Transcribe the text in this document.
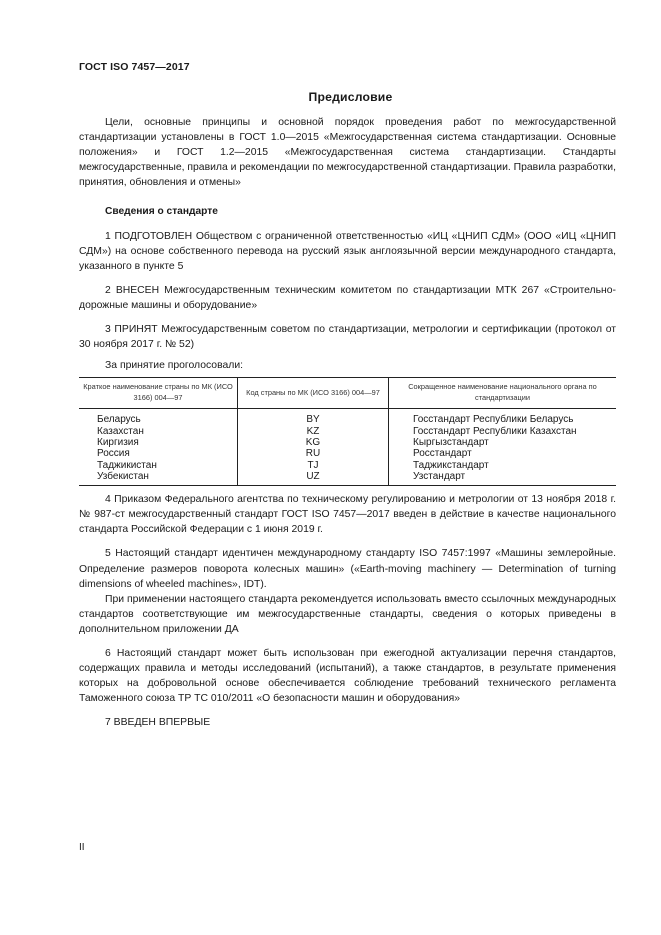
ГОСТ ISO 7457—2017
Предисловие

Цели, основные принципы и основной порядок проведения работ по межгосударственной стандартизации установлены в ГОСТ 1.0—2015 «Межгосударственная система стандартизации. Основные положения» и ГОСТ 1.2—2015 «Межгосударственная система стандартизации. Стандарты межгосударственные, правила и рекомендации по межгосударственной стандартизации. Правила разработки, принятия, обновления и отмены»

Сведения о стандарте

1 ПОДГОТОВЛЕН Обществом с ограниченной ответственностью «ИЦ «ЦНИП СДМ» (ООО «ИЦ «ЦНИП СДМ») на основе собственного перевода на русский язык англоязычной версии международного стандарта, указанного в пункте 5

2 ВНЕСЕН Межгосударственным техническим комитетом по стандартизации МТК 267 «Строительно-дорожные машины и оборудование»

3 ПРИНЯТ Межгосударственным советом по стандартизации, метрологии и сертификации (протокол от 30 ноября 2017 г. № 52)

За принятие проголосовали:

Краткое наименование страны по МК (ИСО 3166) 004—97	Код страны по МК (ИСО 3166) 004—97	Сокращенное наименование национального органа по стандартизации
Беларусь	BY	Госстандарт Республики Беларусь
Казахстан	KZ	Госстандарт Республики Казахстан
Киргизия	KG	Кыргызстандарт
Россия	RU	Росстандарт
Таджикистан	TJ	Таджикстандарт
Узбекистан	UZ	Узстандарт

4 Приказом Федерального агентства по техническому регулированию и метрологии от 13 ноября 2018 г. № 987-ст межгосударственный стандарт ГОСТ ISO 7457—2017 введен в действие в качестве национального стандарта Российской Федерации с 1 июня 2019 г.

5 Настоящий стандарт идентичен международному стандарту ISO 7457:1997 «Машины землеройные. Определение размеров поворота колесных машин» («Earth-moving machinery — Determination of turning dimensions of wheeled machines», IDT).

При применении настоящего стандарта рекомендуется использовать вместо ссылочных международных стандартов соответствующие им межгосударственные стандарты, сведения о которых приведены в дополнительном приложении ДА

6 Настоящий стандарт может быть использован при ежегодной актуализации перечня стандартов, содержащих правила и методы исследований (испытаний), а также стандартов, в результате применения которых на добровольной основе обеспечивается соблюдение требований технического регламента Таможенного союза ТР ТС 010/2011 «О безопасности машин и оборудования»

7 ВВЕДЕН ВПЕРВЫЕ

II
